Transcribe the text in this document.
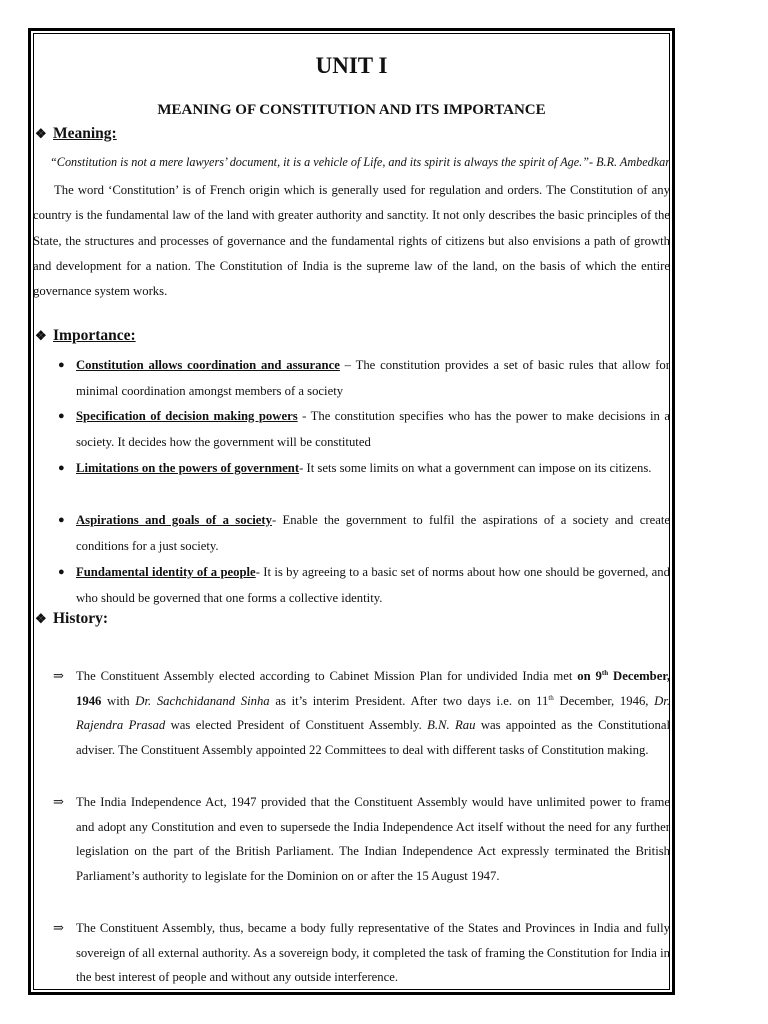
UNIT I
MEANING OF CONSTITUTION AND ITS IMPORTANCE
❖ Meaning:
“Constitution is not a mere lawyers’ document, it is a vehicle of Life, and its spirit is always the spirit of Age.”- B.R. Ambedkar

The word ‘Constitution’ is of French origin which is generally used for regulation and orders. The Constitution of any country is the fundamental law of the land with greater authority and sanctity. It not only describes the basic principles of the State, the structures and processes of governance and the fundamental rights of citizens but also envisions a path of growth and development for a nation. The Constitution of India is the supreme law of the land, on the basis of which the entire governance system works.

❖ Importance:
● Constitution allows coordination and assurance – The constitution provides a set of basic rules that allow for minimal coordination amongst members of a society

● Specification of decision making powers - The constitution specifies who has the power to make decisions in a society. It decides how the government will be constituted

● Limitations on the powers of government- It sets some limits on what a government can impose on its citizens.

● Aspirations and goals of a society- Enable the government to fulfil the aspirations of a society and create conditions for a just society.

● Fundamental identity of a people- It is by agreeing to a basic set of norms about how one should be governed, and who should be governed that one forms a collective identity.

❖ History:
⇒ The Constituent Assembly elected according to Cabinet Mission Plan for undivided India met on 9th December, 1946 with Dr. Sachchidanand Sinha as it’s interim President. After two days i.e. on 11th December, 1946, Dr. Rajendra Prasad was elected President of Constituent Assembly. B.N. Rau was appointed as the Constitutional adviser. The Constituent Assembly appointed 22 Committees to deal with different tasks of Constitution making.

⇒ The India Independence Act, 1947 provided that the Constituent Assembly would have unlimited power to frame and adopt any Constitution and even to supersede the India Independence Act itself without the need for any further legislation on the part of the British Parliament. The Indian Independence Act expressly terminated the British Parliament’s authority to legislate for the Dominion on or after the 15 August 1947.

⇒ The Constituent Assembly, thus, became a body fully representative of the States and Provinces in India and fully sovereign of all external authority. As a sovereign body, it completed the task of framing the Constitution for India in the best interest of people and without any outside interference.
